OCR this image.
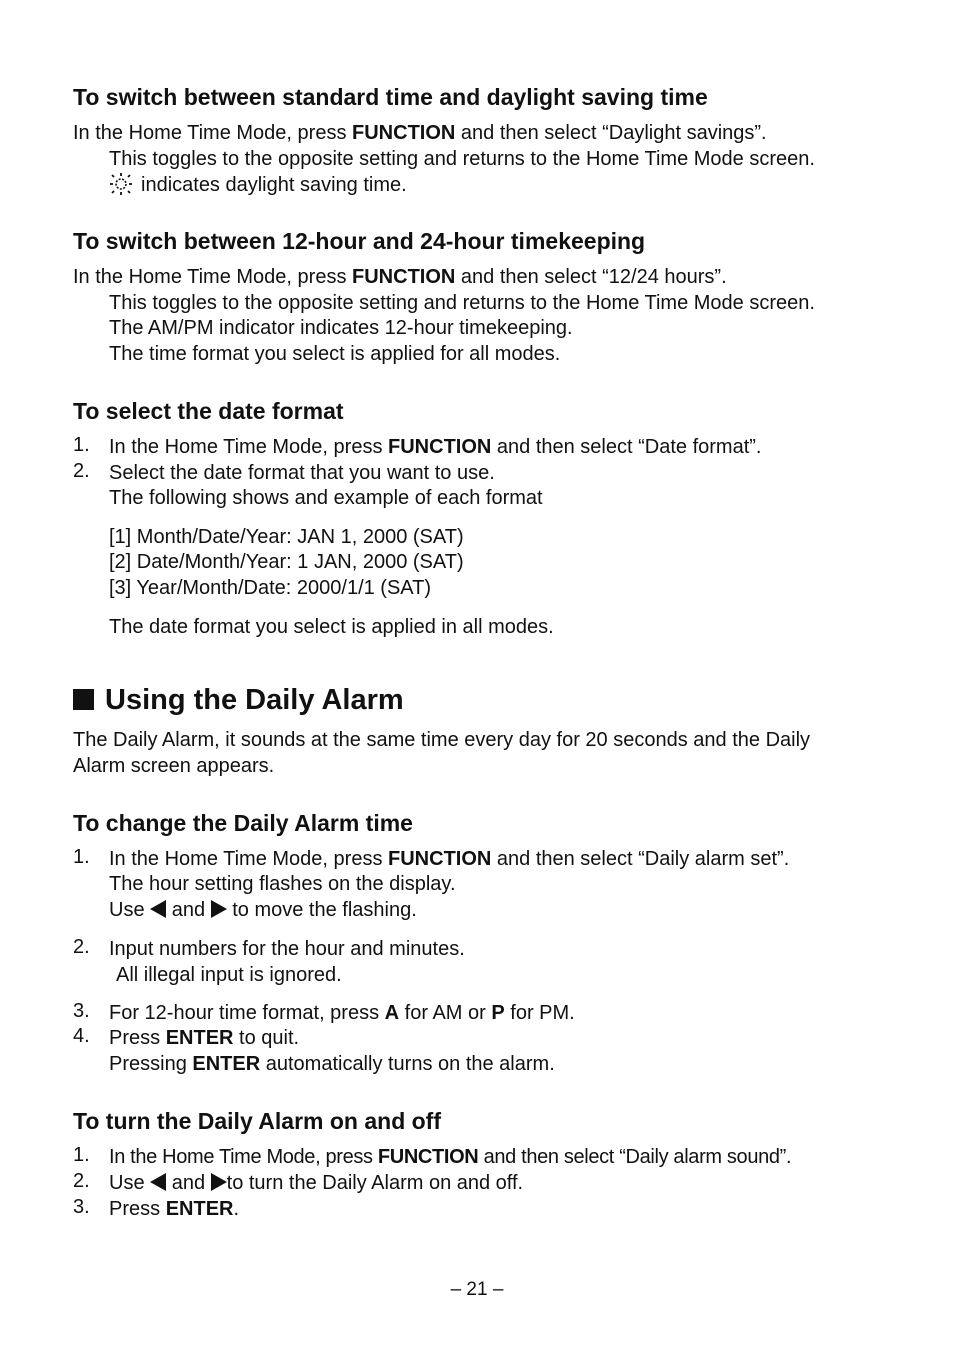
To switch between standard time and daylight saving time
In the Home Time Mode, press FUNCTION and then select “Daylight savings”.
This toggles to the opposite setting and returns to the Home Time Mode screen.
indicates daylight saving time.
To switch between 12-hour and 24-hour timekeeping
In the Home Time Mode, press FUNCTION and then select “12/24 hours”.
This toggles to the opposite setting and returns to the Home Time Mode screen.
The AM/PM indicator indicates 12-hour timekeeping.
The time format you select is applied for all modes.
To select the date format
1. In the Home Time Mode, press FUNCTION and then select “Date format”.
2. Select the date format that you want to use.
The following shows and example of each format
[1] Month/Date/Year: JAN 1, 2000 (SAT)
[2] Date/Month/Year: 1 JAN, 2000 (SAT)
[3] Year/Month/Date: 2000/1/1 (SAT)
The date format you select is applied in all modes.
Using the Daily Alarm
The Daily Alarm, it sounds at the same time every day for 20 seconds and the Daily
Alarm screen appears.
To change the Daily Alarm time
1. In the Home Time Mode, press FUNCTION and then select “Daily alarm set”.
The hour setting flashes on the display.
Use and to move the flashing.
2. Input numbers for the hour and minutes.
All illegal input is ignored.
3. For 12-hour time format, press A for AM or P for PM.
4. Press ENTER to quit.
Pressing ENTER automatically turns on the alarm.
To turn the Daily Alarm on and off
1. In the Home Time Mode, press FUNCTION and then select “Daily alarm sound”.
2. Use and to turn the Daily Alarm on and off.
3. Press ENTER.
– 21 –
